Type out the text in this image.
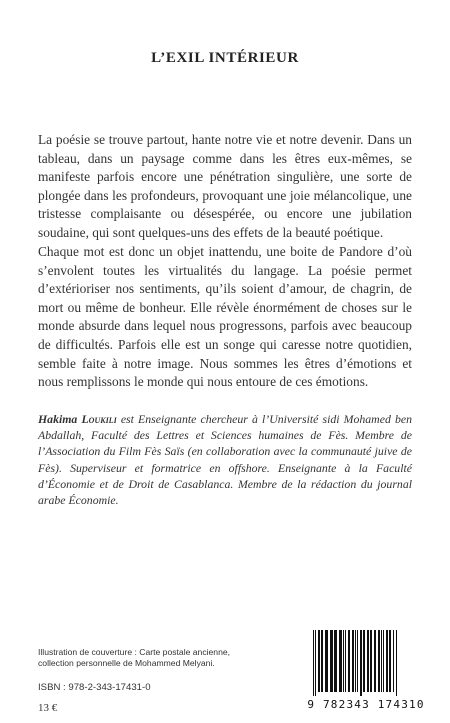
L’EXIL INTÉRIEUR
La poésie se trouve partout, hante notre vie et notre devenir. Dans un tableau, dans un paysage comme dans les êtres eux-mêmes, se manifeste parfois encore une pénétration singulière, une sorte de plongée dans les profondeurs, provoquant une joie mélancolique, une tristesse complaisante ou désespérée, ou encore une jubilation soudaine, qui sont quelques-uns des effets de la beauté poétique.
Chaque mot est donc un objet inattendu, une boite de Pandore d’où s’envolent toutes les virtualités du langage. La poésie permet d’extérioriser nos sentiments, qu’ils soient d’amour, de chagrin, de mort ou même de bonheur. Elle révèle énormément de choses sur le monde absurde dans lequel nous progressons, parfois avec beaucoup de difficultés. Parfois elle est un songe qui caresse notre quotidien, semble faite à notre image. Nous sommes les êtres d’émotions et nous remplissons le monde qui nous entoure de ces émotions.
Hakima Loukili est Enseignante chercheur à l’Université sidi Mohamed ben Abdallah, Faculté des Lettres et Sciences humaines de Fès. Membre de l’Association du Film Fès Saïs (en collaboration avec la communauté juive de Fès). Superviseur et formatrice en offshore. Enseignante à la Faculté d’Économie et de Droit de Casablanca. Membre de la rédaction du journal arabe Économie.
Illustration de couverture : Carte postale ancienne,
collection personnelle de Mohammed Melyani.
ISBN : 978-2-343-17431-0
13 €	9 782343 174310
